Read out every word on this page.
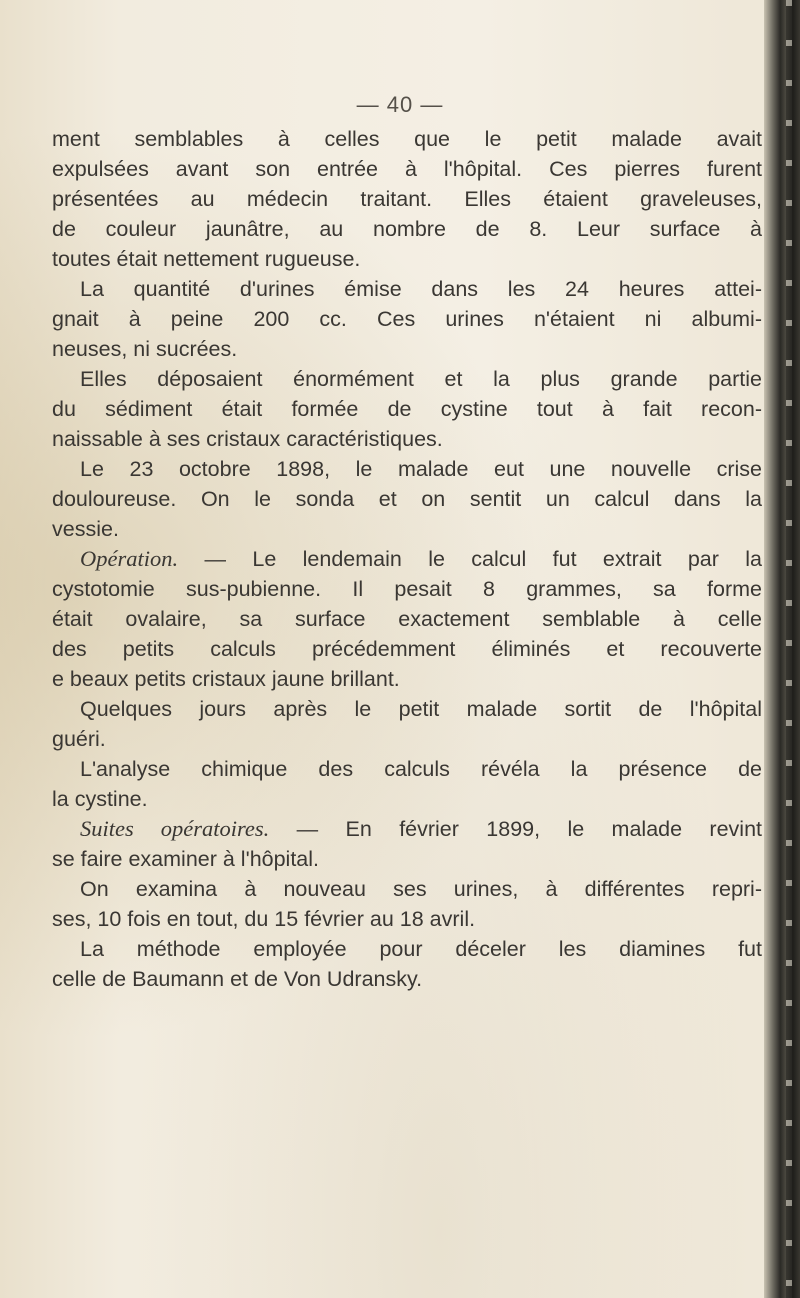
— 40 —
ment semblables à celles que le petit malade avait
expulsées avant son entrée à l'hôpital. Ces pierres furent
présentées au médecin traitant. Elles étaient graveleuses,
de couleur jaunâtre, au nombre de 8. Leur surface à
toutes était nettement rugueuse.
La quantité d'urines émise dans les 24 heures attei-
gnait à peine 200 cc. Ces urines n'étaient ni albumi-
neuses, ni sucrées.
Elles déposaient énormément et la plus grande partie
du sédiment était formée de cystine tout à fait recon-
naissable à ses cristaux caractéristiques.
Le 23 octobre 1898, le malade eut une nouvelle crise
douloureuse. On le sonda et on sentit un calcul dans la
vessie.
Opération. — Le lendemain le calcul fut extrait par la
cystotomie sus-pubienne. Il pesait 8 grammes, sa forme
était ovalaire, sa surface exactement semblable à celle
des petits calculs précédemment éliminés et recouverte
e beaux petits cristaux jaune brillant.
Quelques jours après le petit malade sortit de l'hôpital
guéri.
L'analyse chimique des calculs révéla la présence de
la cystine.
Suites opératoires. — En février 1899, le malade revint
se faire examiner à l'hôpital.
On examina à nouveau ses urines, à différentes repri-
ses, 10 fois en tout, du 15 février au 18 avril.
La méthode employée pour déceler les diamines fut
celle de Baumann et de Von Udransky.
